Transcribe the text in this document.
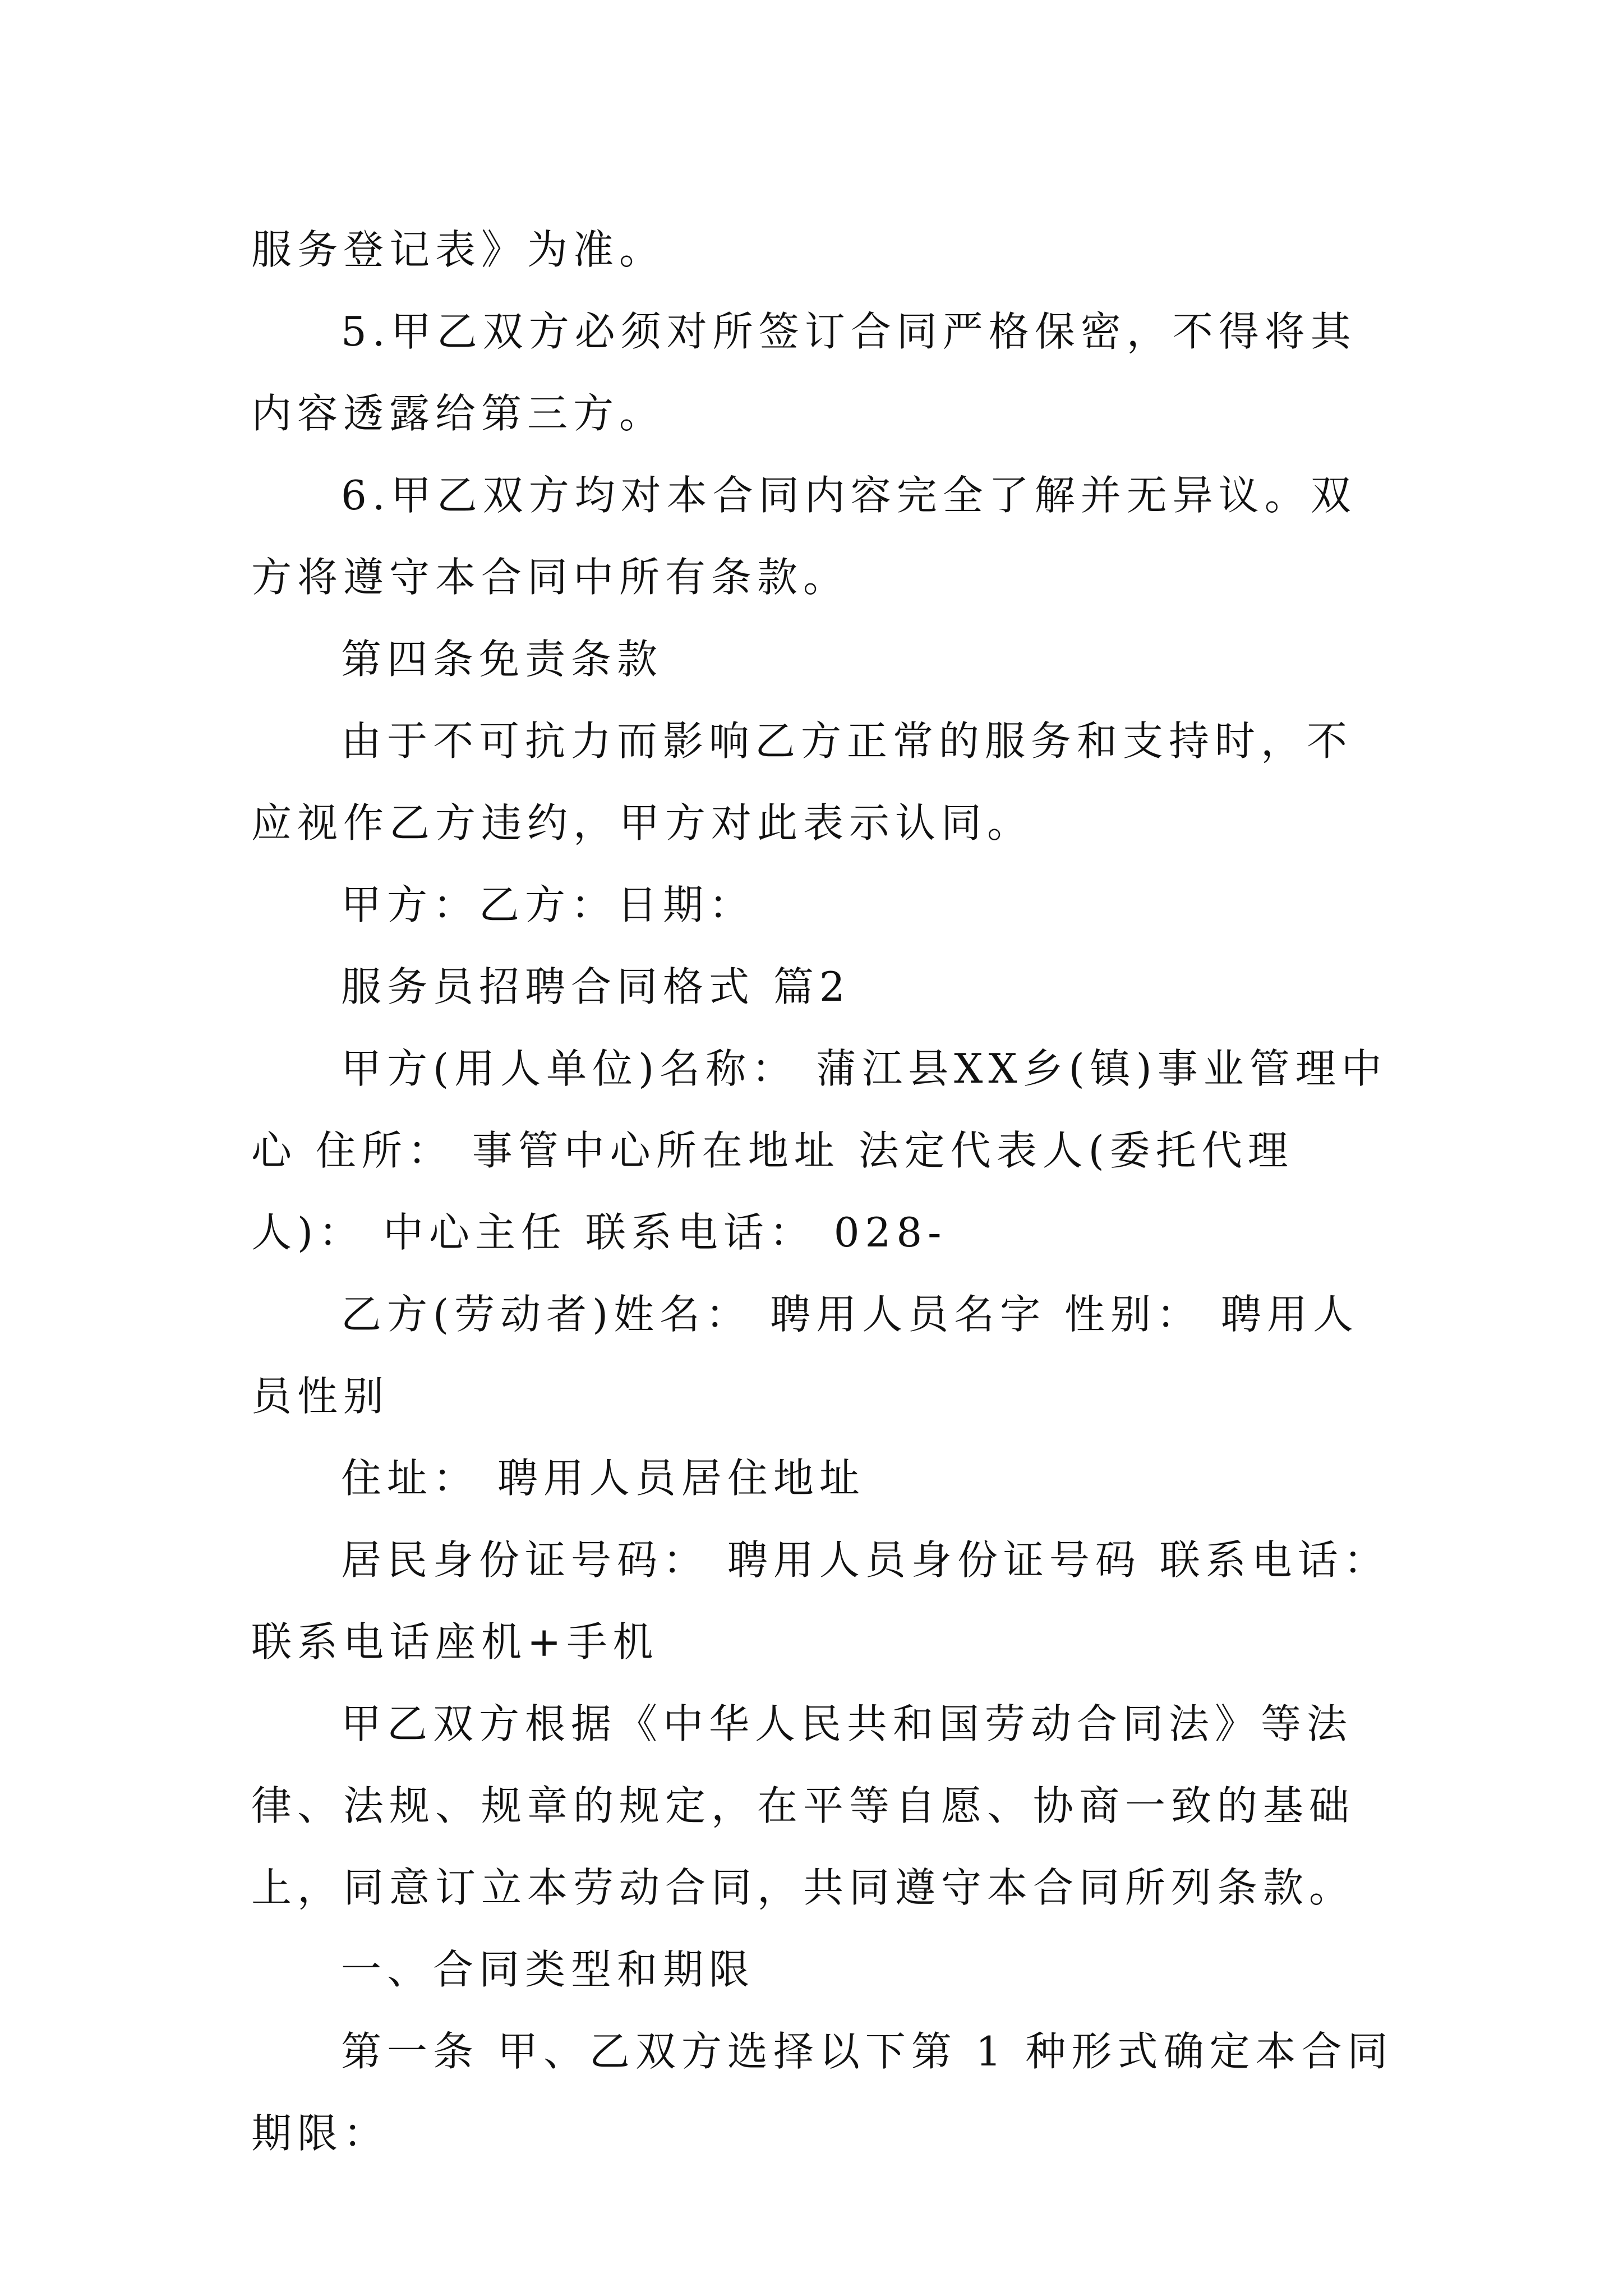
服务登记表》为准。

5.甲乙双方必须对所签订合同严格保密，不得将其内容透露给第三方。

6.甲乙双方均对本合同内容完全了解并无异议。双方将遵守本合同中所有条款。

第四条免责条款

由于不可抗力而影响乙方正常的服务和支持时，不应视作乙方违约，甲方对此表示认同。

甲方：乙方：日期：

服务员招聘合同格式 篇2

甲方(用人单位)名称： 蒲江县XX乡(镇)事业管理中心 住所： 事管中心所在地址 法定代表人(委托代理人)： 中心主任 联系电话： 028-

乙方(劳动者)姓名： 聘用人员名字 性别： 聘用人员性别

住址： 聘用人员居住地址

居民身份证号码： 聘用人员身份证号码 联系电话： 联系电话座机+手机

甲乙双方根据《中华人民共和国劳动合同法》等法律、法规、规章的规定，在平等自愿、协商一致的基础上，同意订立本劳动合同，共同遵守本合同所列条款。

一、合同类型和期限

第一条 甲、乙双方选择以下第 1 种形式确定本合同期限：
